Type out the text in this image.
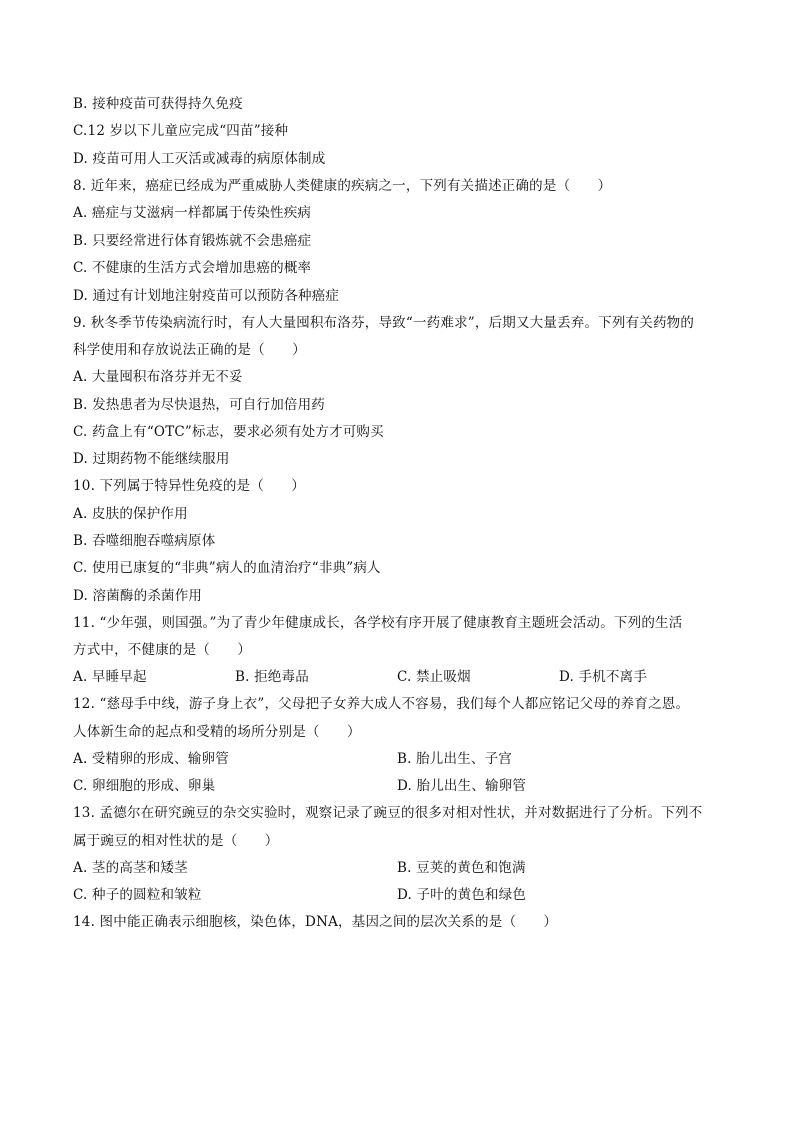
B. 接种疫苗可获得持久免疫
C.12 岁以下儿童应完成“四苗”接种
D. 疫苗可用人工灭活或减毒的病原体制成
8. 近年来，癌症已经成为严重威胁人类健康的疾病之一，下列有关描述正确的是（　　）
A. 癌症与艾滋病一样都属于传染性疾病
B. 只要经常进行体育锻炼就不会患癌症
C. 不健康的生活方式会增加患癌的概率
D. 通过有计划地注射疫苗可以预防各种癌症
9. 秋冬季节传染病流行时，有人大量囤积布洛芬，导致“一药难求”，后期又大量丢弃。下列有关药物的
科学使用和存放说法正确的是（　　）
A. 大量囤积布洛芬并无不妥
B. 发热患者为尽快退热，可自行加倍用药
C. 药盒上有“OTC”标志，要求必须有处方才可购买
D. 过期药物不能继续服用
10. 下列属于特异性免疫的是（　　）
A. 皮肤的保护作用
B. 吞噬细胞吞噬病原体
C. 使用已康复的“非典”病人的血清治疗“非典”病人
D. 溶菌酶的杀菌作用
11. “少年强，则国强。”为了青少年健康成长，各学校有序开展了健康教育主题班会活动。下列的生活
方式中，不健康的是（　　）
A. 早睡早起	B. 拒绝毒品	C. 禁止吸烟	D. 手机不离手
12. “慈母手中线，游子身上衣”，父母把子女养大成人不容易，我们每个人都应铭记父母的养育之恩。
人体新生命的起点和受精的场所分别是（　　）
A. 受精卵的形成、输卵管	B. 胎儿出生、子宫
C. 卵细胞的形成、卵巢	D. 胎儿出生、输卵管
13. 孟德尔在研究豌豆的杂交实验时，观察记录了豌豆的很多对相对性状，并对数据进行了分析。下列不
属于豌豆的相对性状的是（　　）
A. 茎的高茎和矮茎	B. 豆荚的黄色和饱满
C. 种子的圆粒和皱粒	D. 子叶的黄色和绿色
14. 图中能正确表示细胞核，染色体，DNA，基因之间的层次关系的是（　　）
